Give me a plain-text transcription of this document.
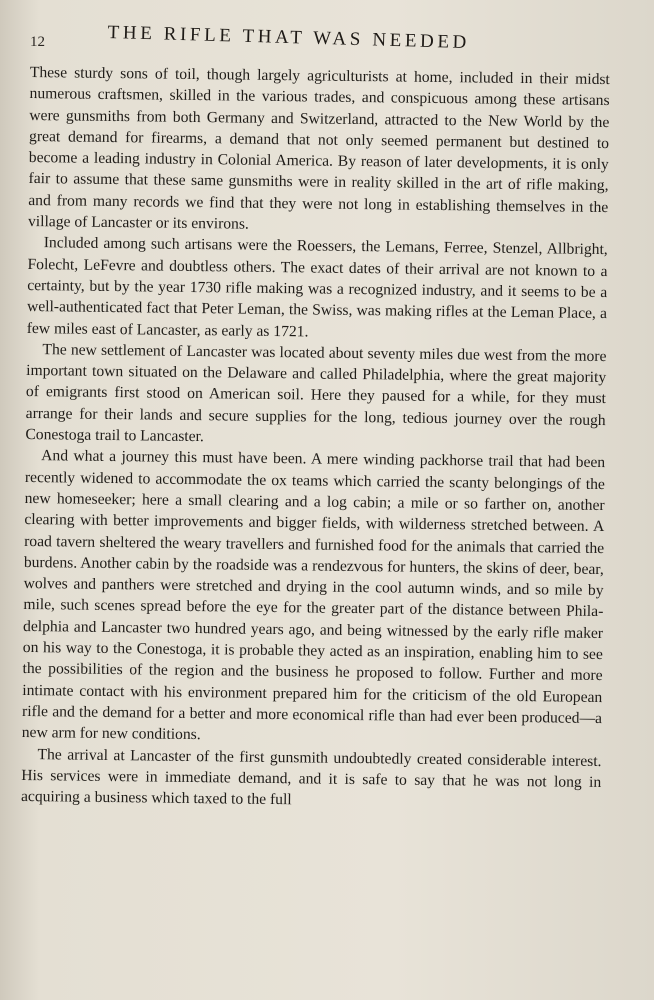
12	THE RIFLE THAT WAS NEEDED

These sturdy sons of toil, though largely agriculturists at home, included in their midst numerous craftsmen, skilled in the various trades, and conspicuous among these artisans were gunsmiths from both Germany and Switzerland, attracted to the New World by the great demand for firearms, a demand that not only seemed permanent but destined to become a leading industry in Colonial America. By reason of later developments, it is only fair to assume that these same gunsmiths were in reality skilled in the art of rifle making, and from many records we find that they were not long in establishing themselves in the village of Lancaster or its environs.

Included among such artisans were the Roessers, the Lemans, Ferree, Stenzel, Allbright, Folecht, LeFevre and doubtless others. The exact dates of their arrival are not known to a certainty, but by the year 1730 rifle making was a recognized industry, and it seems to be a well-authenticated fact that Peter Leman, the Swiss, was making rifles at the Leman Place, a few miles east of Lancaster, as early as 1721.

The new settlement of Lancaster was located about seventy miles due west from the more important town situated on the Delaware and called Philadelphia, where the great majority of emigrants first stood on American soil. Here they paused for a while, for they must arrange for their lands and secure supplies for the long, tedious journey over the rough Conestoga trail to Lancaster.

And what a journey this must have been. A mere winding packhorse trail that had been recently widened to accommodate the ox teams which carried the scanty belongings of the new homeseeker; here a small clearing and a log cabin; a mile or so farther on, another clearing with better improvements and bigger fields, with wilderness stretched between. A road tavern sheltered the weary travellers and furnished food for the animals that carried the burdens. Another cabin by the roadside was a rendezvous for hunters, the skins of deer, bear, wolves and panthers were stretched and drying in the cool autumn winds, and so mile by mile, such scenes spread before the eye for the greater part of the distance between Philadelphia and Lancaster two hundred years ago, and being witnessed by the early rifle maker on his way to the Conestoga, it is probable they acted as an inspiration, enabling him to see the possibilities of the region and the business he proposed to follow. Further and more intimate contact with his environment prepared him for the criticism of the old European rifle and the demand for a better and more economical rifle than had ever been produced—a new arm for new conditions.

The arrival at Lancaster of the first gunsmith undoubtedly created considerable interest. His services were in immediate demand, and it is safe to say that he was not long in acquiring a business which taxed to the full
